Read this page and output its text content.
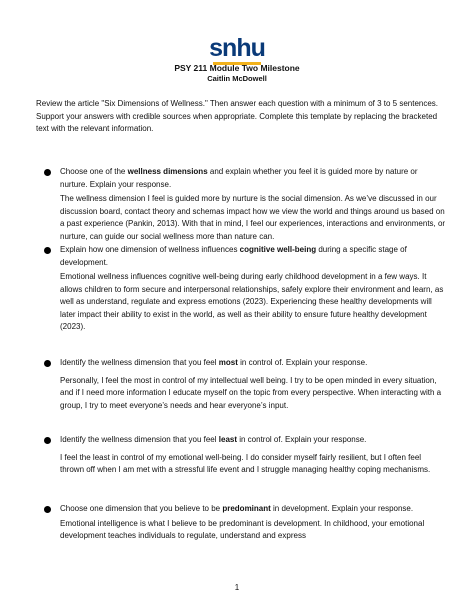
snhu
PSY 211 Module Two Milestone
Caitlin McDowell
Review the article "Six Dimensions of Wellness." Then answer each question with a minimum of 3 to 5 sentences. Support your answers with credible sources when appropriate. Complete this template by replacing the bracketed text with the relevant information.
Choose one of the wellness dimensions and explain whether you feel it is guided more by nature or nurture. Explain your response.
The wellness dimension I feel is guided more by nurture is the social dimension. As we’ve discussed in our discussion board, contact theory and schemas impact how we view the world and things around us based on a past experience (Pankin, 2013). With that in mind, I feel our experiences, interactions and environments, or nurture, can guide our social wellness more than nature can.
Explain how one dimension of wellness influences cognitive well-being during a specific stage of development.
Emotional wellness influences cognitive well-being during early childhood development in a few ways. It allows children to form secure and interpersonal relationships, safely explore their environment and learn, as well as understand, regulate and express emotions (2023). Experiencing these healthy developments will later impact their ability to exist in the world, as well as their ability to ensure future healthy development (2023).
Identify the wellness dimension that you feel most in control of. Explain your response.
Personally, I feel the most in control of my intellectual well being. I try to be open minded in every situation, and if I need more information I educate myself on the topic from every perspective. When interacting with a group, I try to meet everyone’s needs and hear everyone’s input.
Identify the wellness dimension that you feel least in control of. Explain your response.
I feel the least in control of my emotional well-being. I do consider myself fairly resilient, but I often feel thrown off when I am met with a stressful life event and I struggle managing healthy coping mechanisms.
Choose one dimension that you believe to be predominant in development. Explain your response.
Emotional intelligence is what I believe to be predominant is development. In childhood, your emotional development teaches individuals to regulate, understand and express
1
